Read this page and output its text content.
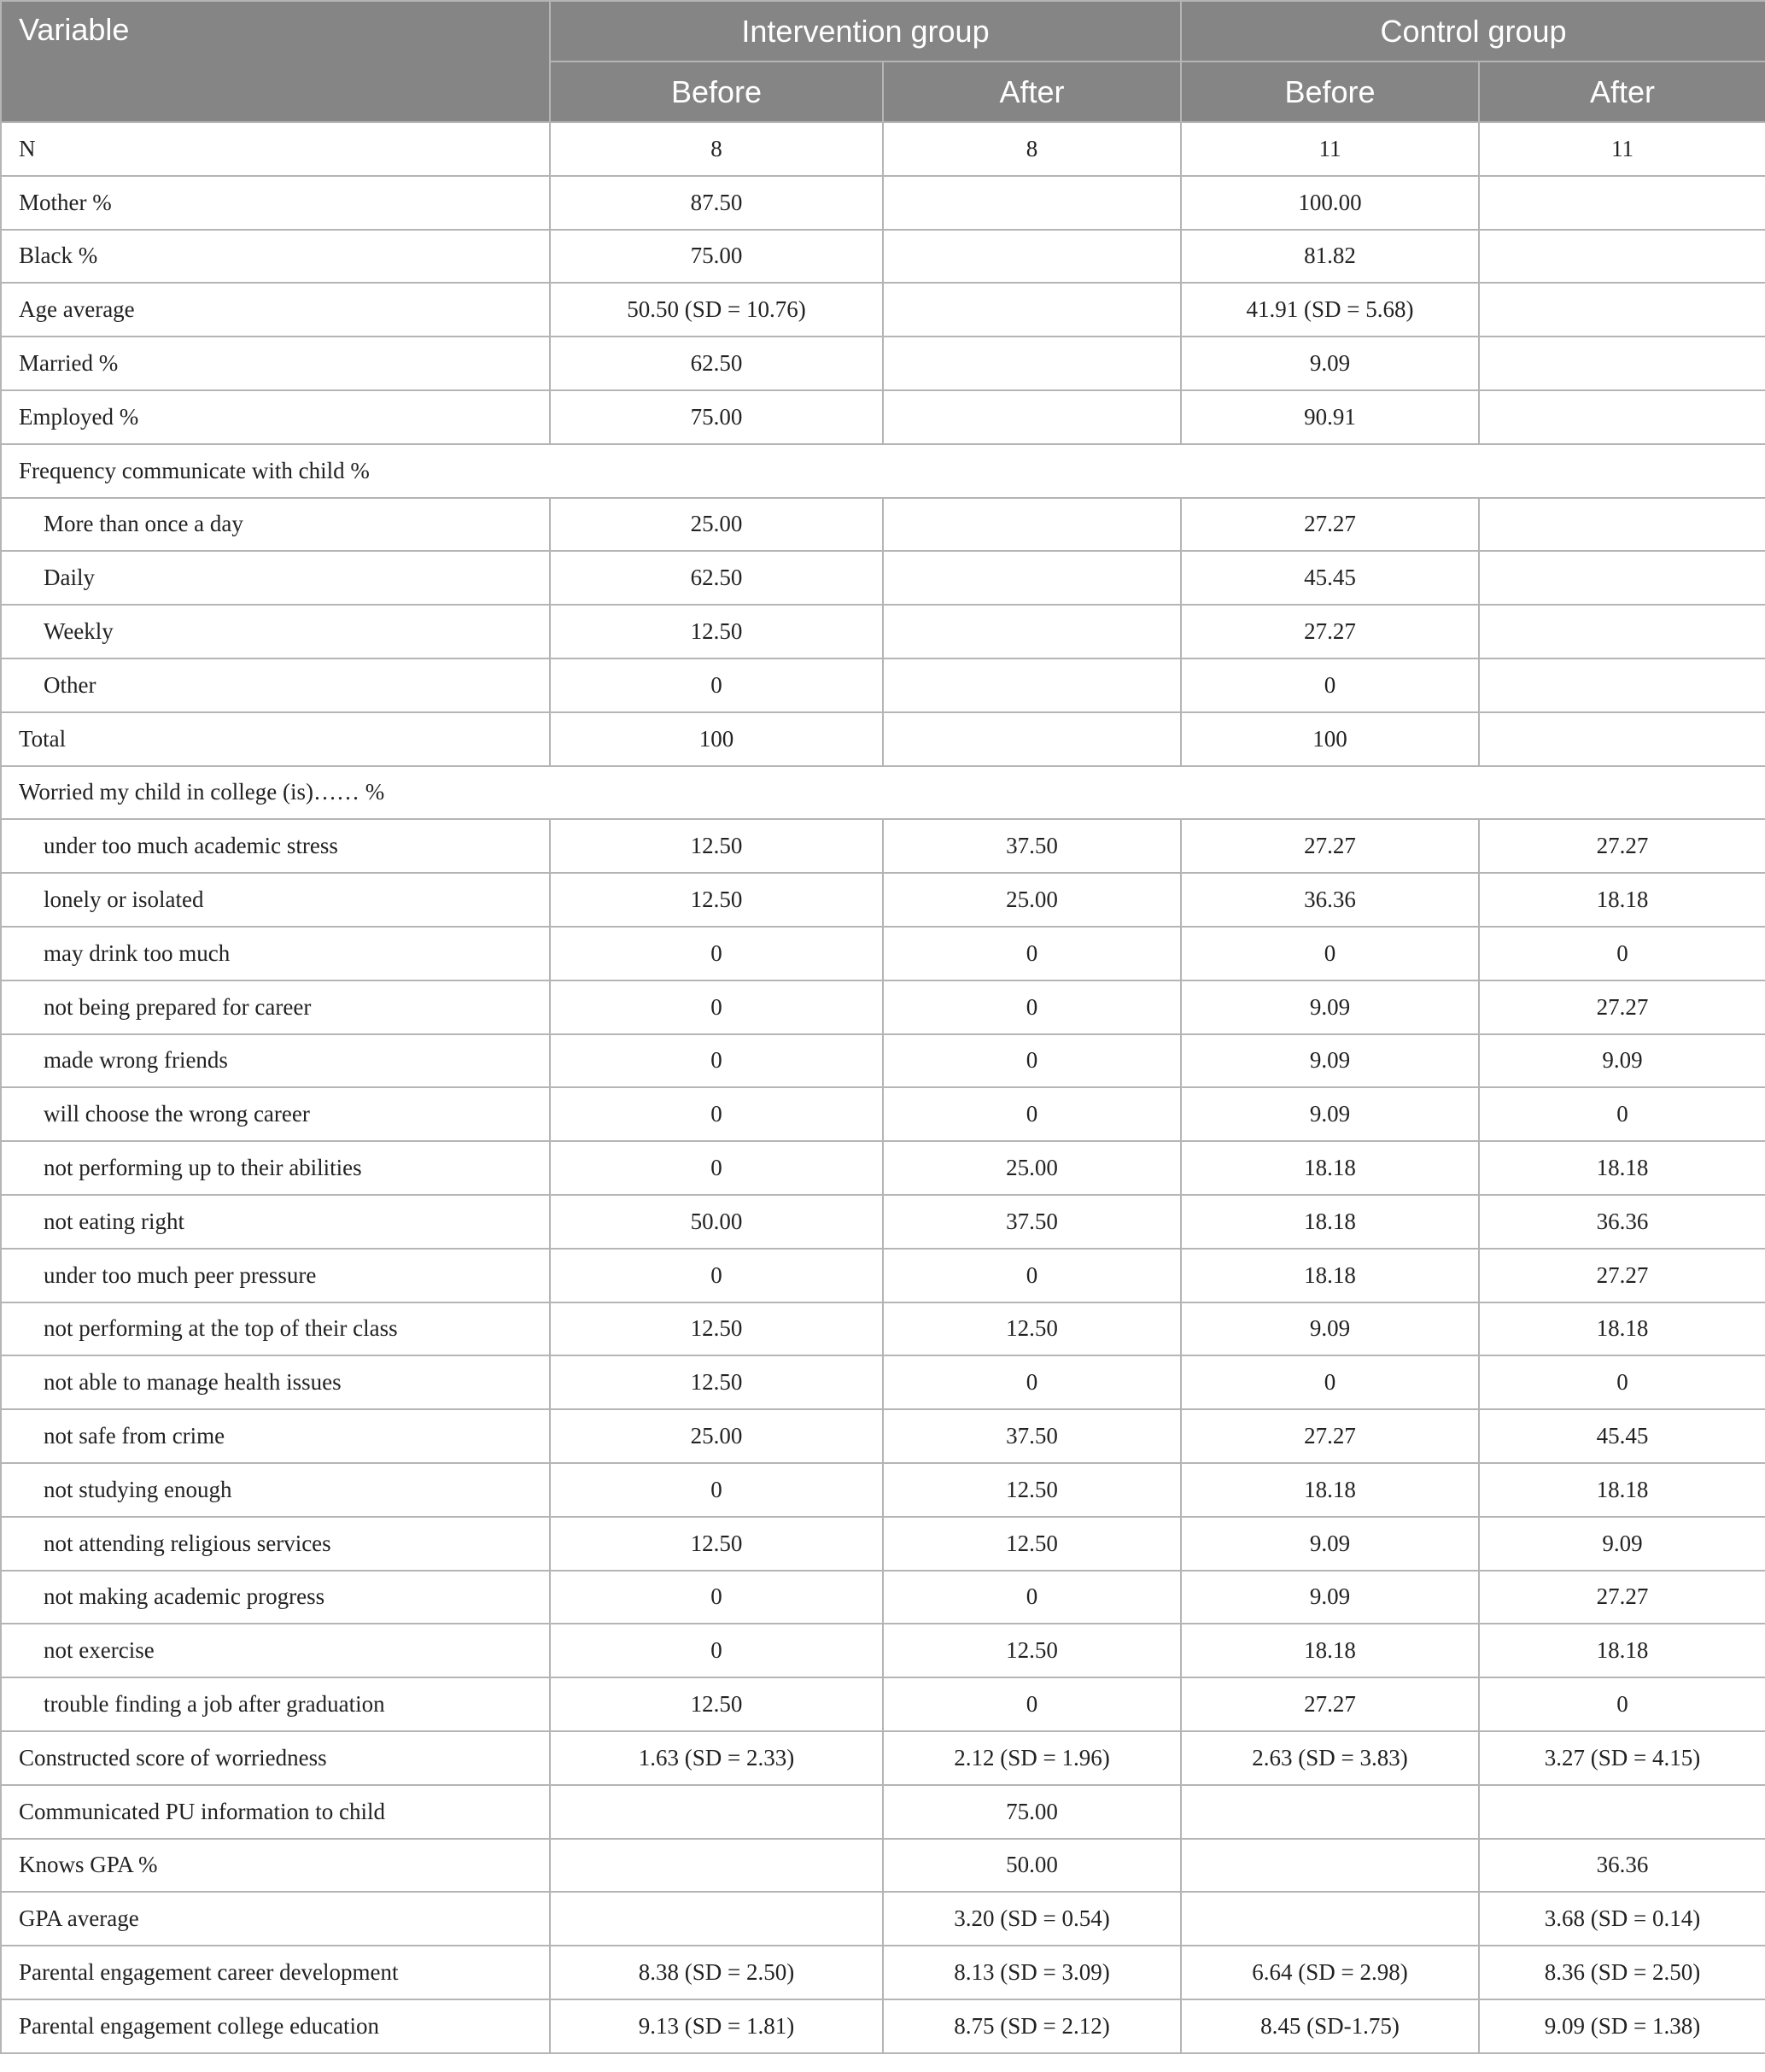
Variable	Intervention group		Control group	
	Before	After	Before	After
N	8	8	11	11
Mother %	87.50		100.00	
Black %	75.00		81.82	
Age average	50.50 (SD = 10.76)		41.91 (SD = 5.68)	
Married %	62.50		9.09	
Employed %	75.00		90.91	
Frequency communicate with child %				
More than once a day	25.00		27.27	
Daily	62.50		45.45	
Weekly	12.50		27.27	
Other	0		0	
Total	100		100	
Worried my child in college (is)…… %				
under too much academic stress	12.50	37.50	27.27	27.27
lonely or isolated	12.50	25.00	36.36	18.18
may drink too much	0	0	0	0
not being prepared for career	0	0	9.09	27.27
made wrong friends	0	0	9.09	9.09
will choose the wrong career	0	0	9.09	0
not performing up to their abilities	0	25.00	18.18	18.18
not eating right	50.00	37.50	18.18	36.36
under too much peer pressure	0	0	18.18	27.27
not performing at the top of their class	12.50	12.50	9.09	18.18
not able to manage health issues	12.50	0	0	0
not safe from crime	25.00	37.50	27.27	45.45
not studying enough	0	12.50	18.18	18.18
not attending religious services	12.50	12.50	9.09	9.09
not making academic progress	0	0	9.09	27.27
not exercise	0	12.50	18.18	18.18
trouble finding a job after graduation	12.50	0	27.27	0
Constructed score of worriedness	1.63 (SD = 2.33)	2.12 (SD = 1.96)	2.63 (SD = 3.83)	3.27 (SD = 4.15)
Communicated PU information to child		75.00		
Knows GPA %		50.00		36.36
GPA average		3.20 (SD = 0.54)		3.68 (SD = 0.14)
Parental engagement career development	8.38 (SD = 2.50)	8.13 (SD = 3.09)	6.64 (SD = 2.98)	8.36 (SD = 2.50)
Parental engagement college education	9.13 (SD = 1.81)	8.75 (SD = 2.12)	8.45 (SD-1.75)	9.09 (SD = 1.38)
